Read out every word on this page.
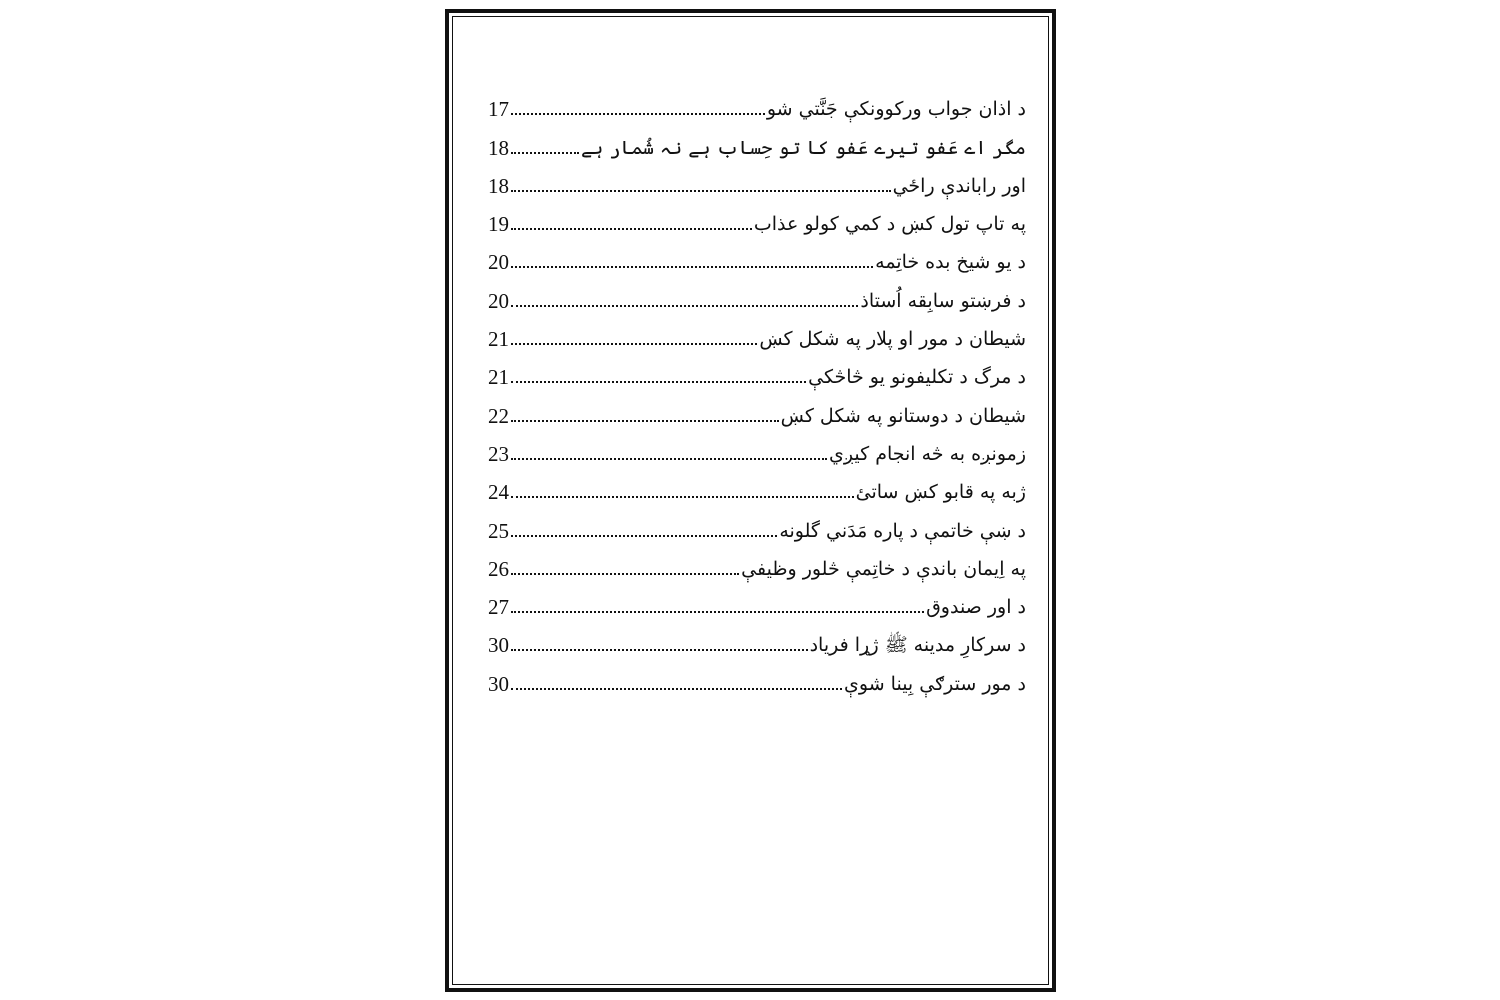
د اذان جواب ورکوونکې جَنَّتي شو
17
مگر اے عَفو تیرے عَفو کا تو حِساب ہے نہ شُمار ہے
18
اور راباندې راځي
18
په تاپ تول کښ د کمي کولو عذاب
19
د یو شیخ بده خاتِمه
20
د فرښتو سابِقه اُستاذ
20
شیطان د مور او پلار په شکل کښ
21
د مرگ د تکلیفونو یو څاڅکې
21
شیطان د دوستانو په شکل کښ
22
زمونږه به څه انجام کیږي
23
ژبه په قابو کښ ساتئ
24
د ښې خاتمې د پاره مَدَني گلونه
25
په اِیمان باندې د خاتِمې څلور وظیفې
26
د اور صندوق
27
د سرکارِ مدینه ﷺ ژړا فریاد
30
د مور سترګې بِینا شوې
30
